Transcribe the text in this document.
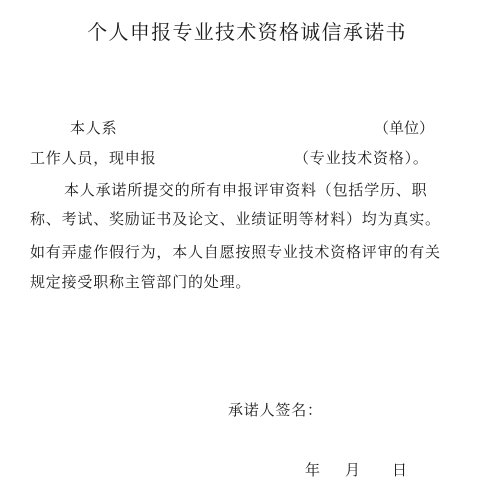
个人申报专业技术资格诚信承诺书
本人系	（单位）
工作人员，现申报	（专业技术资格）。
本人承诺所提交的所有申报评审资料（包括学历、职
称、考试、奖励证书及论文、业绩证明等材料）均为真实。
如有弄虚作假行为，本人自愿按照专业技术资格评审的有关
规定接受职称主管部门的处理。
承诺人签名：
年 月 日
